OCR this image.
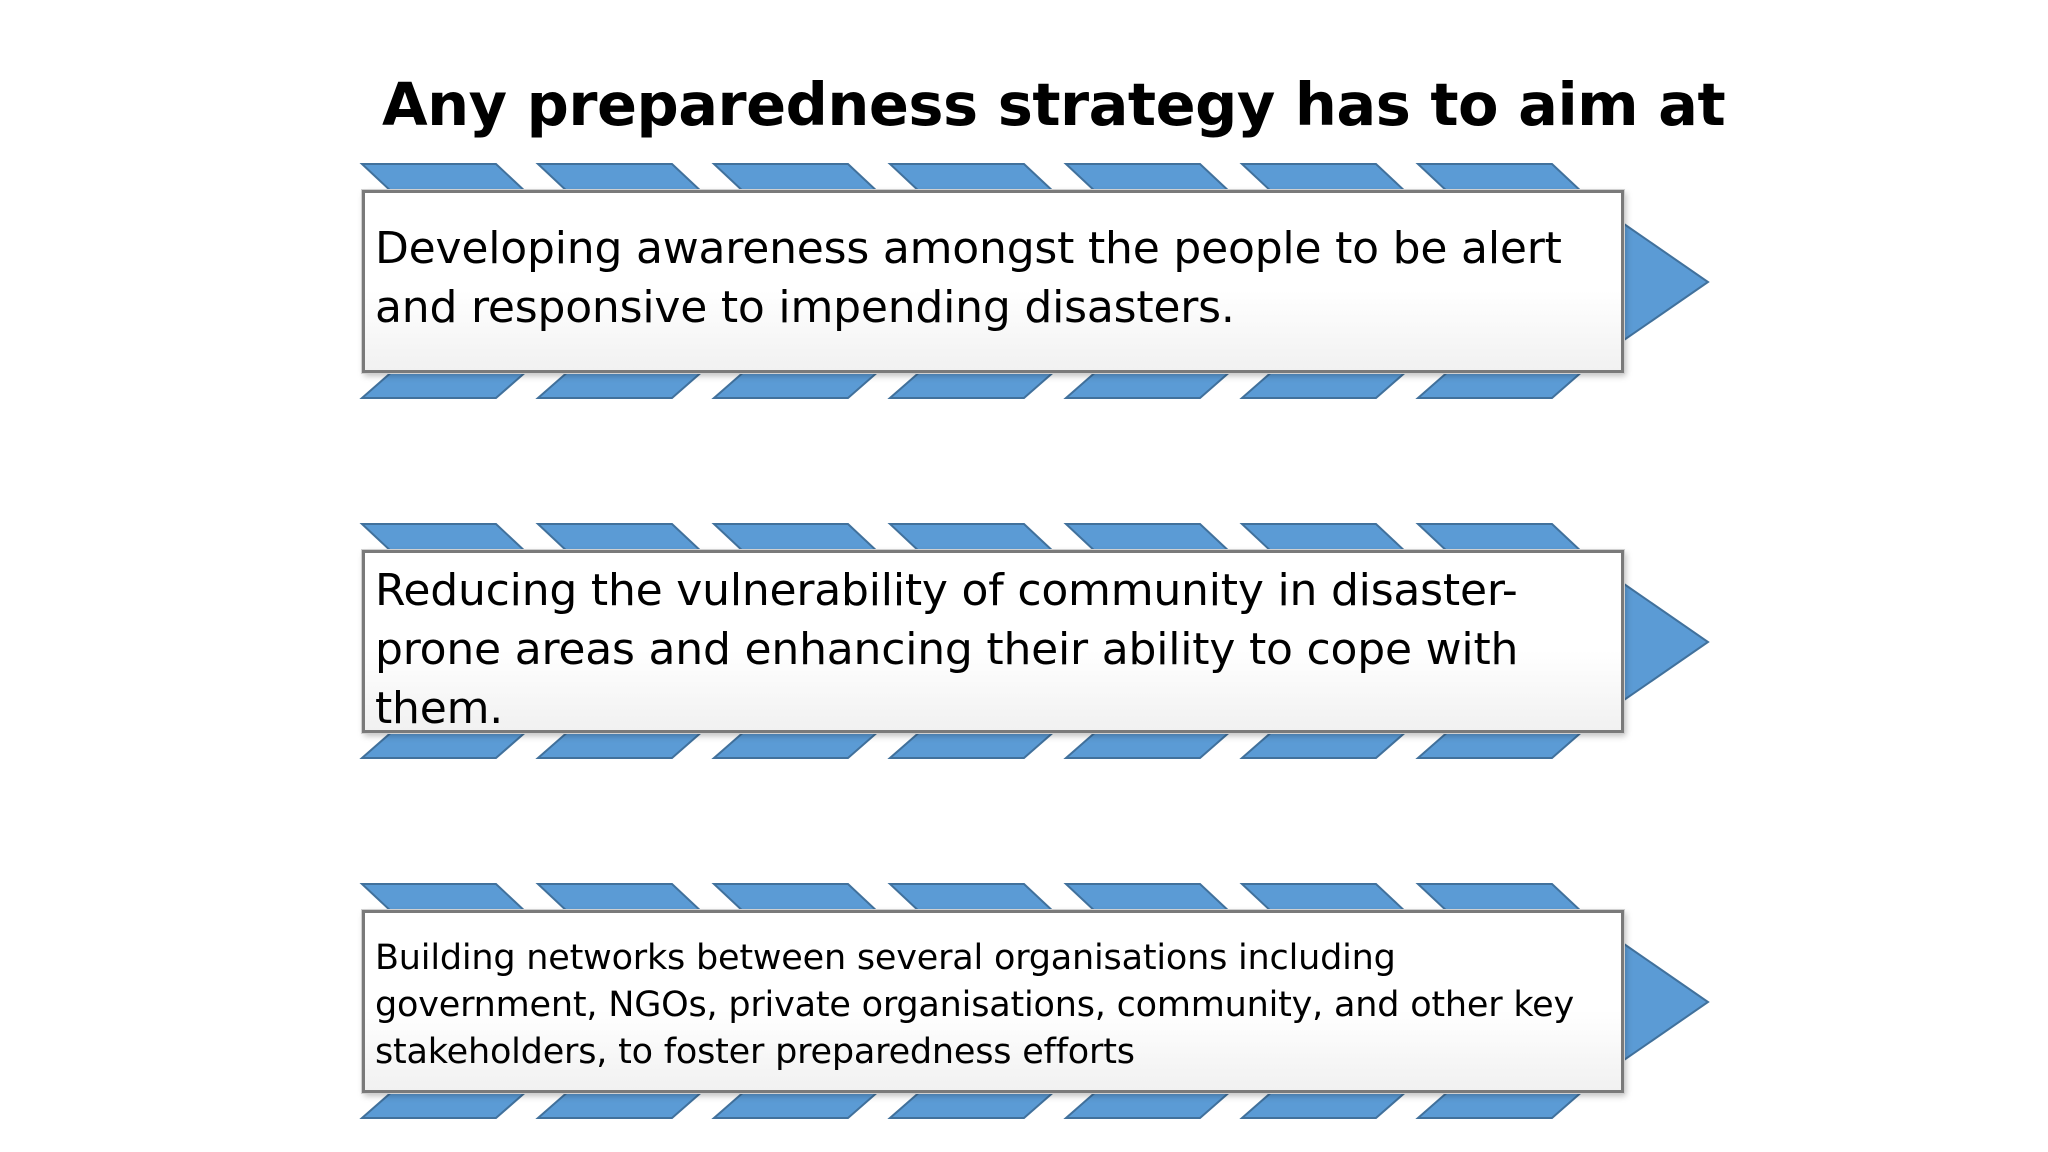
Any preparedness strategy has to aim at

Developing awareness amongst the people to be alert and responsive to impending disasters.

Reducing the vulnerability of community in disaster-prone areas and enhancing their ability to cope with them.

Building networks between several organisations including government, NGOs, private organisations, community, and other key stakeholders, to foster preparedness efforts
